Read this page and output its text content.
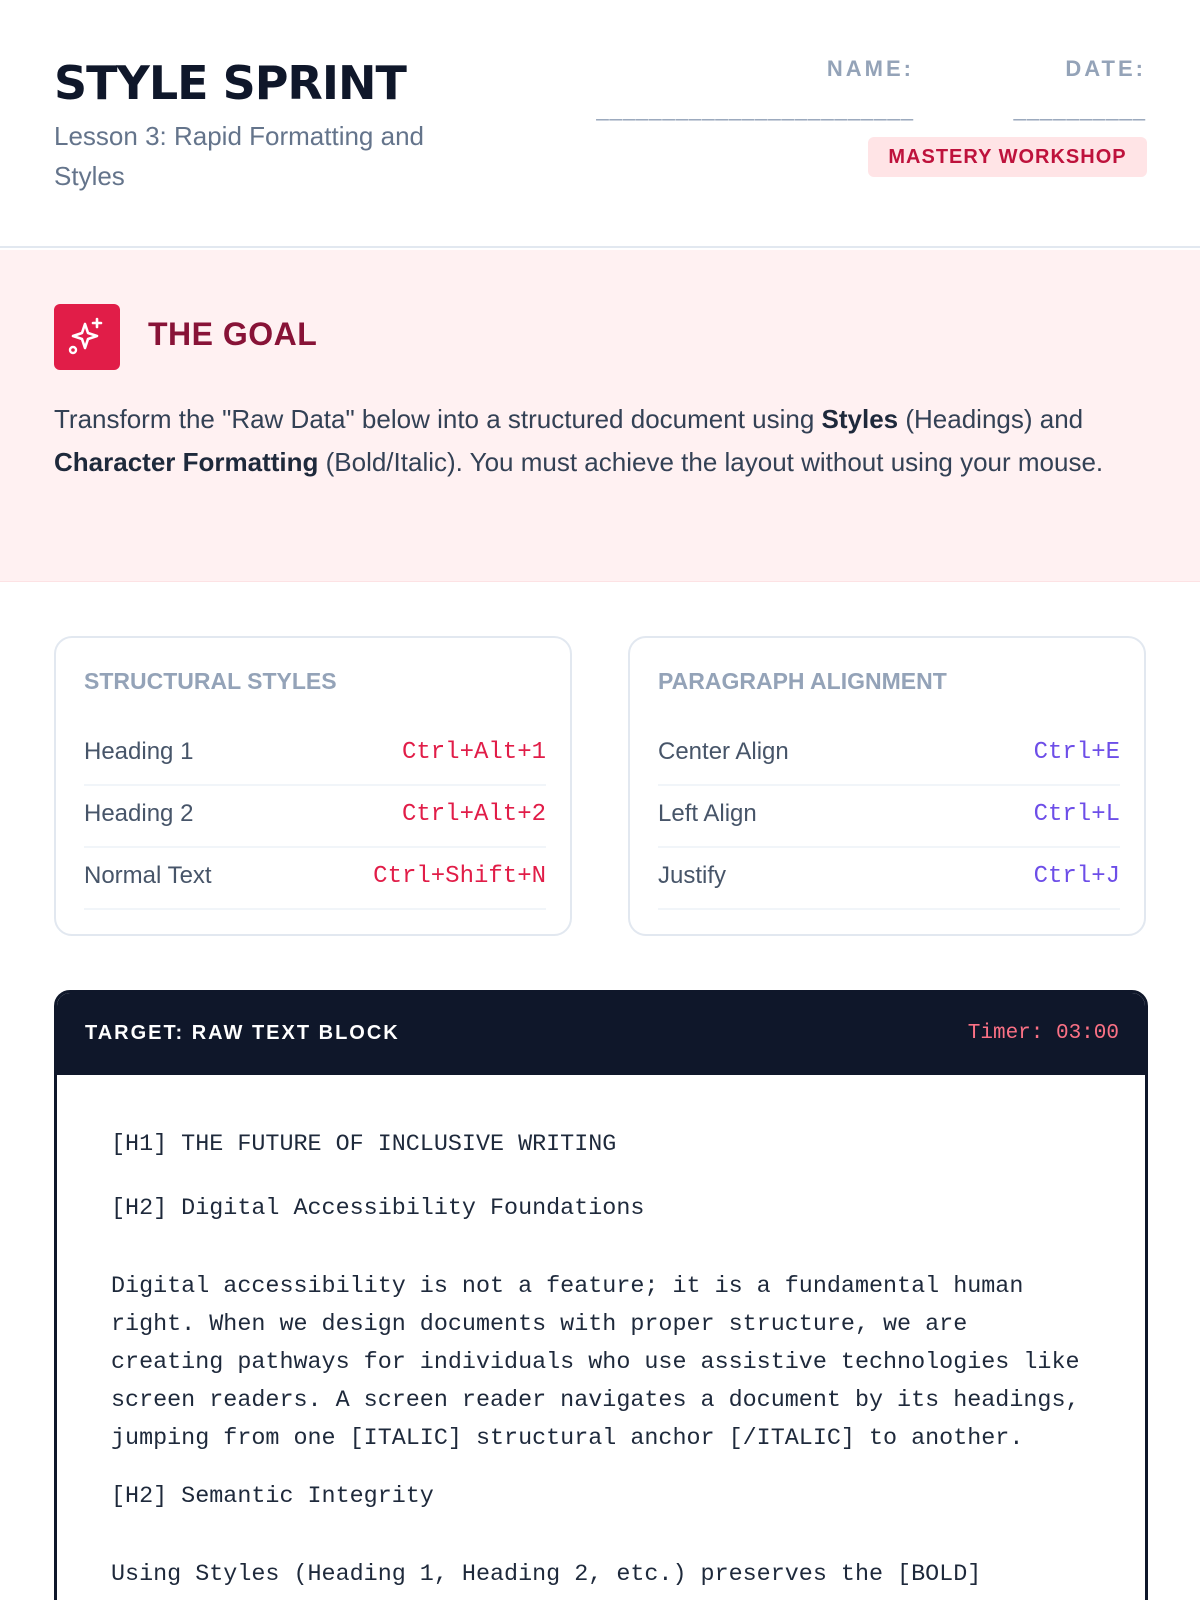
STYLE SPRINT
Lesson 3: Rapid Formatting and Styles
NAME:
________________________
DATE:
__________
MASTERY WORKSHOP
THE GOAL
Transform the "Raw Data" below into a structured document using Styles (Headings) and Character Formatting (Bold/Italic). You must achieve the layout without using your mouse.
STRUCTURAL STYLES
Heading 1	Ctrl+Alt+1
Heading 2	Ctrl+Alt+2
Normal Text	Ctrl+Shift+N
PARAGRAPH ALIGNMENT
Center Align	Ctrl+E
Left Align	Ctrl+L
Justify	Ctrl+J
TARGET: RAW TEXT BLOCK	Timer: 03:00
[H1] THE FUTURE OF INCLUSIVE WRITING
[H2] Digital Accessibility Foundations
Digital accessibility is not a feature; it is a fundamental human
right. When we design documents with proper structure, we are
creating pathways for individuals who use assistive technologies like
screen readers. A screen reader navigates a document by its headings,
jumping from one [ITALIC] structural anchor [/ITALIC] to another.
[H2] Semantic Integrity
Using Styles (Heading 1, Heading 2, etc.) preserves the [BOLD]
